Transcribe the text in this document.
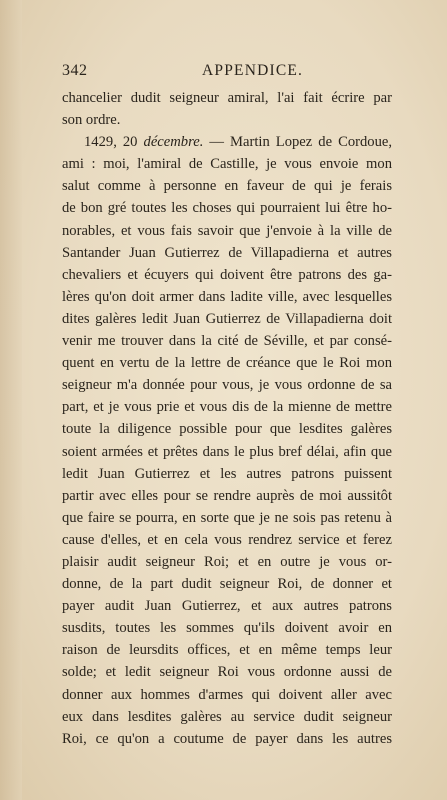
342	APPENDICE.
chancelier dudit seigneur amiral, l'ai fait écrire par
son ordre.
1429, 20 décembre. — Martin Lopez de Cordoue,
ami : moi, l'amiral de Castille, je vous envoie mon
salut comme à personne en faveur de qui je ferais
de bon gré toutes les choses qui pourraient lui être ho-
norables, et vous fais savoir que j'envoie à la ville de
Santander Juan Gutierrez de Villapadierna et autres
chevaliers et écuyers qui doivent être patrons des ga-
lères qu'on doit armer dans ladite ville, avec lesquelles
dites galères ledit Juan Gutierrez de Villapadierna doit
venir me trouver dans la cité de Séville, et par consé-
quent en vertu de la lettre de créance que le Roi mon
seigneur m'a donnée pour vous, je vous ordonne de sa
part, et je vous prie et vous dis de la mienne de mettre
toute la diligence possible pour que lesdites galères
soient armées et prêtes dans le plus bref délai, afin que
ledit Juan Gutierrez et les autres patrons puissent
partir avec elles pour se rendre auprès de moi aussitôt
que faire se pourra, en sorte que je ne sois pas retenu à
cause d'elles, et en cela vous rendrez service et ferez
plaisir audit seigneur Roi; et en outre je vous or-
donne, de la part dudit seigneur Roi, de donner et
payer audit Juan Gutierrez, et aux autres patrons
susdits, toutes les sommes qu'ils doivent avoir en
raison de leursdits offices, et en même temps leur
solde; et ledit seigneur Roi vous ordonne aussi de
donner aux hommes d'armes qui doivent aller avec
eux dans lesdites galères au service dudit seigneur
Roi, ce qu'on a coutume de payer dans les autres
